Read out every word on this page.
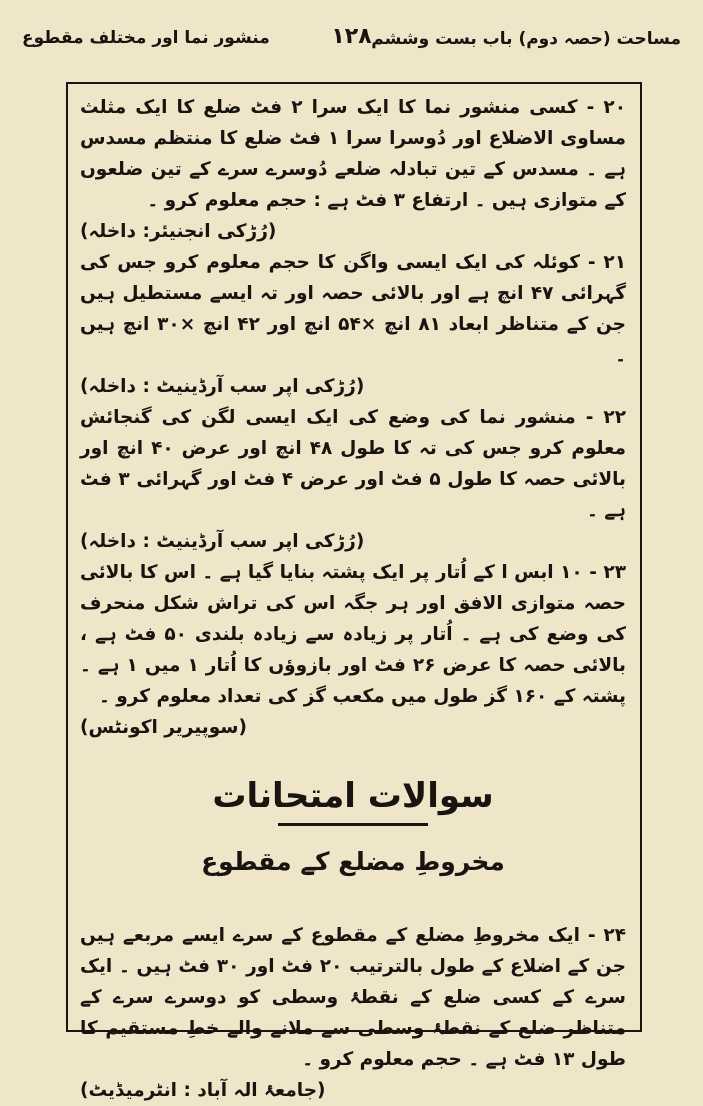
مساحت (حصہ دوم) باب بست وششم
۱۲۸
منشور نما اور مختلف مقطوع

۲۰ - کسی منشور نما کا ایک سرا ۲ فٹ ضلع کا ایک مثلث مساوی الاضلاع اور دُوسرا سرا ۱ فٹ ضلع کا منتظم مسدس ہے ۔ مسدس کے تین تبادلہ ضلعے دُوسرے سرے کے تین ضلعوں کے متوازی ہیں ۔ ارتفاع ۳ فٹ ہے : حجم معلوم کرو ۔
(رُڑکی انجنیئر: داخلہ)

۲۱ - کوئلہ کی ایک ایسی واگن کا حجم معلوم کرو جس کی گہرائی ۴۷ انچ ہے اور بالائی حصہ اور تہ ایسے مستطیل ہیں جن کے متناظر ابعاد ۸۱ انچ ×۵۴ انچ اور ۴۲ انچ ×۳۰ انچ ہیں ۔
(رُڑکی اپر سب آرڈینیٹ : داخلہ)

۲۲ - منشور نما کی وضع کی ایک ایسی لگن کی گنجائش معلوم کرو جس کی تہ کا طول ۴۸ انچ اور عرض ۴۰ انچ اور بالائی حصہ کا طول ۵ فٹ اور عرض ۴ فٹ اور گہرائی ۳ فٹ ہے ۔
(رُڑکی اپر سب آرڈینیٹ : داخلہ)

۲۳ - ۱۰ ابس ا کے اُتار پر ایک پشتہ بنایا گیا ہے ۔ اس کا بالائی حصہ متوازی الافق اور ہر جگہ اس کی تراش شکل منحرف کی وضع کی ہے ۔ اُتار پر زیادہ سے زیادہ بلندی ۵۰ فٹ ہے ، بالائی حصہ کا عرض ۲۶ فٹ اور بازوؤں کا اُتار ۱ میں ۱ ہے ۔ پشتہ کے ۱۶۰ گز طول میں مکعب گز کی تعداد معلوم کرو ۔
(سوپیریر اکونٹس)

سوالات امتحانات
مخروطِ مضلع کے مقطوع

۲۴ - ایک مخروطِ مضلع کے مقطوع کے سرے ایسے مربعے ہیں جن کے اضلاع کے طول بالترتیب ۲۰ فٹ اور ۳۰ فٹ ہیں ۔ ایک سرے کے کسی ضلع کے نقطۂ وسطی کو دوسرے سرے کے متناظر ضلع کے نقطۂ وسطی سے ملانے والے خطِ مستقیم کا طول ۱۳ فٹ ہے ۔ حجم معلوم کرو ۔
(جامعۂ الہ آباد : انٹرمیڈیٹ)
